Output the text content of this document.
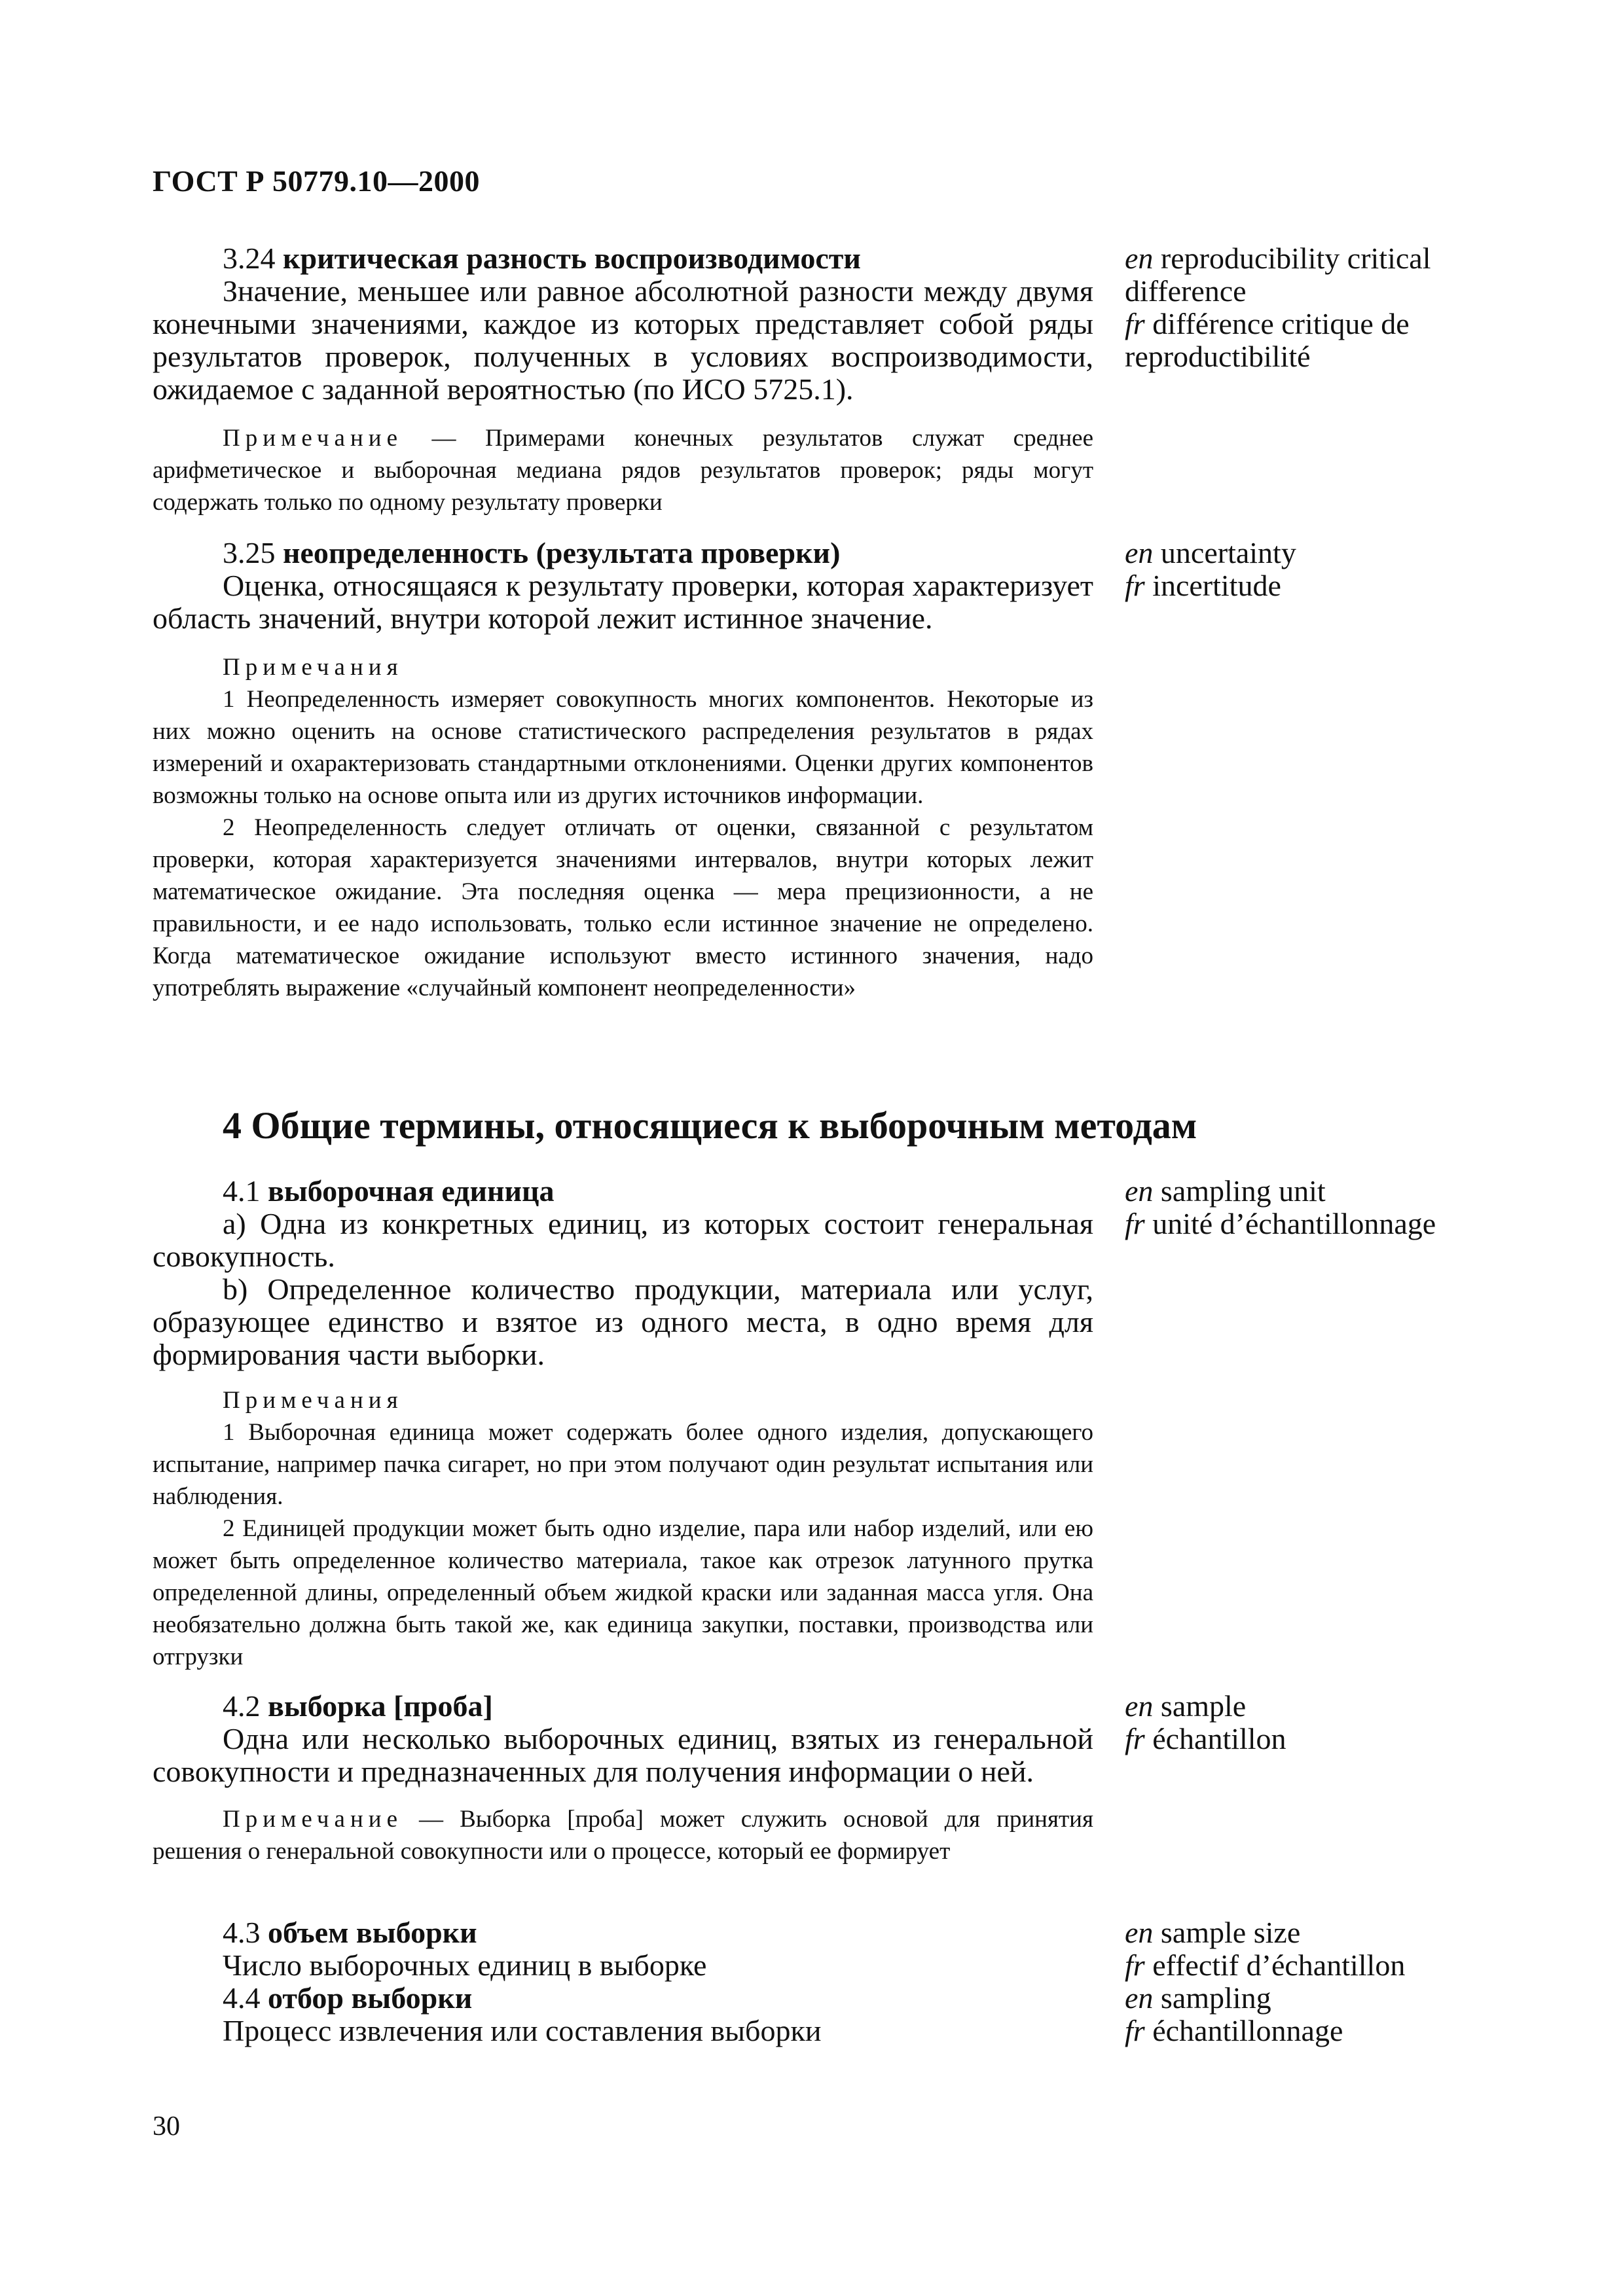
ГОСТ Р 50779.10—2000

3.24 критическая разность воспроизводимости

Значение, меньшее или равное абсолютной разности между двумя конечными значениями, каждое из которых представляет собой ряды результатов проверок, полученных в условиях воспроизводимости, ожидаемое с заданной вероятностью (по ИСО 5725.1).

en reproducibility critical difference
fr différence critique de reproductibilité

Примечание — Примерами конечных результатов служат среднее арифметическое и выборочная медиана рядов результатов проверок; ряды могут содержать только по одному результату проверки

3.25 неопределенность (результата проверки)

Оценка, относящаяся к результату проверки, которая характеризует область значений, внутри которой лежит истинное значение.

en uncertainty
fr incertitude

Примечания

1 Неопределенность измеряет совокупность многих компонентов. Некоторые из них можно оценить на основе статистического распределения результатов в рядах измерений и охарактеризовать стандартными отклонениями. Оценки других компонентов возможны только на основе опыта или из других источников информации.

2 Неопределенность следует отличать от оценки, связанной с результатом проверки, которая характеризуется значениями интервалов, внутри которых лежит математическое ожидание. Эта последняя оценка — мера прецизионности, а не правильности, и ее надо использовать, только если истинное значение не определено. Когда математическое ожидание используют вместо истинного значения, надо употреблять выражение «случайный компонент неопределенности»

4 Общие термины, относящиеся к выборочным методам

4.1 выборочная единица

а) Одна из конкретных единиц, из которых состоит генеральная совокупность.

b) Определенное количество продукции, материала или услуг, образующее единство и взятое из одного места, в одно время для формирования части выборки.

en sampling unit
fr unité d’échantillonnage

Примечания

1 Выборочная единица может содержать более одного изделия, допускающего испытание, например пачка сигарет, но при этом получают один результат испытания или наблюдения.

2 Единицей продукции может быть одно изделие, пара или набор изделий, или ею может быть определенное количество материала, такое как отрезок латунного прутка определенной длины, определенный объем жидкой краски или заданная масса угля. Она необязательно должна быть такой же, как единица закупки, поставки, производства или отгрузки

4.2 выборка [проба]

Одна или несколько выборочных единиц, взятых из генеральной совокупности и предназначенных для получения информации о ней.

en sample
fr échantillon

Примечание — Выборка [проба] может служить основой для принятия решения о генеральной совокупности или о процессе, который ее формирует

4.3 объем выборки

Число выборочных единиц в выборке

en sample size
fr effectif d’échantillon

4.4 отбор выборки

Процесс извлечения или составления выборки

en sampling
fr échantillonnage
30
